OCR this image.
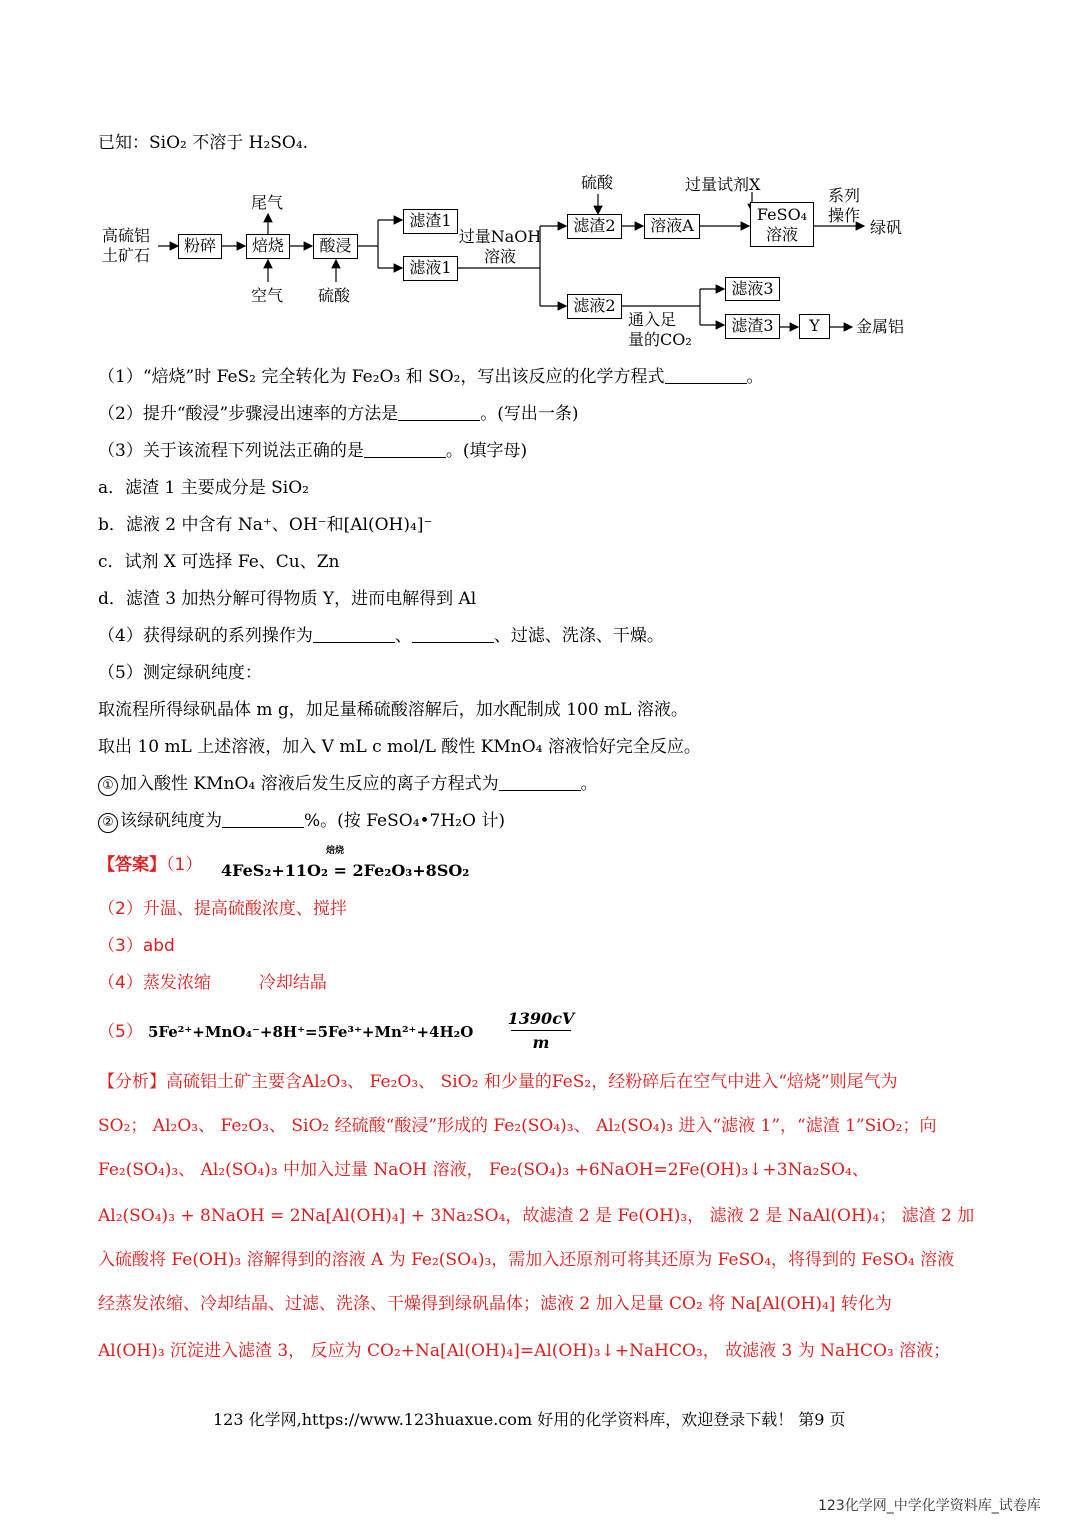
已知：SiO₂ 不溶于 H₂SO₄.
高硫铝
土矿石
粉碎	焙烧
尾气
空气
酸浸
硫酸
滤渣1
滤液1
过量NaOH
溶液
滤渣2
硫酸
溶液A
过量试剂X
FeSO₄
溶液
系列
操作
绿矾
滤液2
通入足
量的CO₂
滤液3
滤渣3	Y	金属铝
（1）“焙烧”时 FeS₂ 完全转化为 Fe₂O₃ 和 SO₂，写出该反应的化学方程式	。
（2）提升“酸浸”步骤浸出速率的方法是	。(写出一条)
（3）关于该流程下列说法正确的是	。(填字母)
a．滤渣 1 主要成分是 SiO₂
b．滤液 2 中含有 Na⁺、OH⁻和[Al(OH)₄]⁻
c．试剂 X 可选择 Fe、Cu、Zn
d．滤渣 3 加热分解可得物质 Y，进而电解得到 Al
（4）获得绿矾的系列操作为	、	、过滤、洗涤、干燥。
（5）测定绿矾纯度：
取流程所得绿矾晶体 m g，加足量稀硫酸溶解后，加水配制成 100 mL 溶液。
取出 10 mL 上述溶液，加入 V mL c mol/L 酸性 KMnO₄ 溶液恰好完全反应。
① 加入酸性 KMnO₄ 溶液后发生反应的离子方程式为	。
② 该绿矾纯度为	%。(按 FeSO₄•7H₂O 计)
【答案】（1） 4FeS₂+11O₂ = 2Fe₂O₃+8SO₂
焙烧
（2）升温、提高硫酸浓度、搅拌
（3）abd
（4）蒸发浓缩	冷却结晶
（5） 5Fe²⁺+MnO₄⁻+8H⁺=5Fe³⁺+Mn²⁺+4H₂O
1390cV
m
【分析】高硫铝土矿主要含Al₂O₃、 Fe₂O₃、 SiO₂ 和少量的FeS₂，经粉碎后在空气中进入“焙烧”则尾气为
SO₂； Al₂O₃、 Fe₂O₃、 SiO₂ 经硫酸“酸浸”形成的 Fe₂(SO₄)₃、 Al₂(SO₄)₃ 进入“滤液 1”，“滤渣 1”SiO₂；向
Fe₂(SO₄)₃、 Al₂(SO₄)₃ 中加入过量 NaOH 溶液， Fe₂(SO₄)₃ +6NaOH=2Fe(OH)₃↓+3Na₂SO₄、
Al₂(SO₄)₃ + 8NaOH = 2Na[Al(OH)₄] + 3Na₂SO₄，故滤渣 2 是 Fe(OH)₃， 滤液 2 是 NaAl(OH)₄； 滤渣 2 加
入硫酸将 Fe(OH)₃ 溶解得到的溶液 A 为 Fe₂(SO₄)₃，需加入还原剂可将其还原为 FeSO₄，将得到的 FeSO₄ 溶液
经蒸发浓缩、冷却结晶、过滤、洗涤、干燥得到绿矾晶体；滤液 2 加入足量 CO₂ 将 Na[Al(OH)₄] 转化为
Al(OH)₃ 沉淀进入滤渣 3， 反应为 CO₂+Na[Al(OH)₄]=Al(OH)₃↓+NaHCO₃， 故滤液 3 为 NaHCO₃ 溶液；
123 化学网,https://www.123huaxue.com 好用的化学资料库，欢迎登录下载！ 第9 页
123化学网_中学化学资料库_试卷库
